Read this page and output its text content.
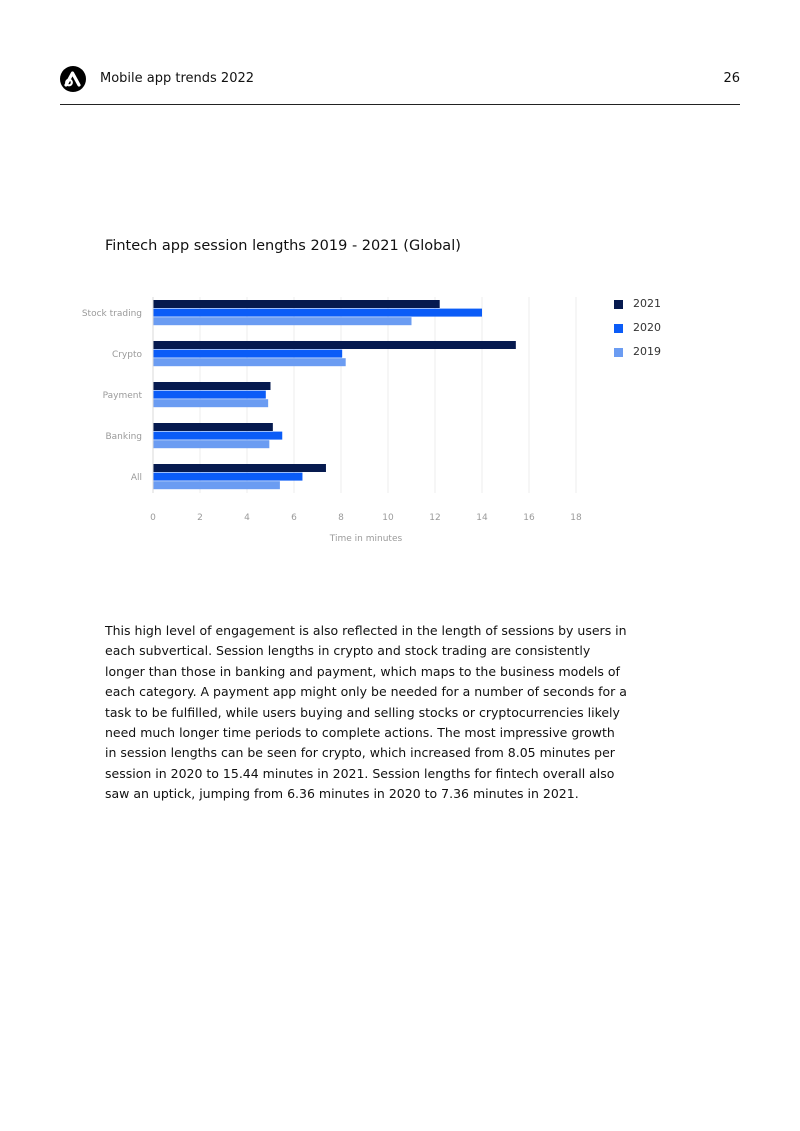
Mobile app trends 2022	26
Fintech app session lengths 2019 - 2021 (Global)
0	2	4	6	8	10	12	14	16	18
Stock trading
Crypto
Payment
Banking
All
Time in minutes
2021
2020
2019
This high level of engagement is also reflected in the length of sessions by users in each subvertical. Session lengths in crypto and stock trading are consistently longer than those in banking and payment, which maps to the business models of each category. A payment app might only be needed for a number of seconds for a task to be fulfilled, while users buying and selling stocks or cryptocurrencies likely need much longer time periods to complete actions. The most impressive growth in session lengths can be seen for crypto, which increased from 8.05 minutes per session in 2020 to 15.44 minutes in 2021. Session lengths for fintech overall also saw an uptick, jumping from 6.36 minutes in 2020 to 7.36 minutes in 2021.
